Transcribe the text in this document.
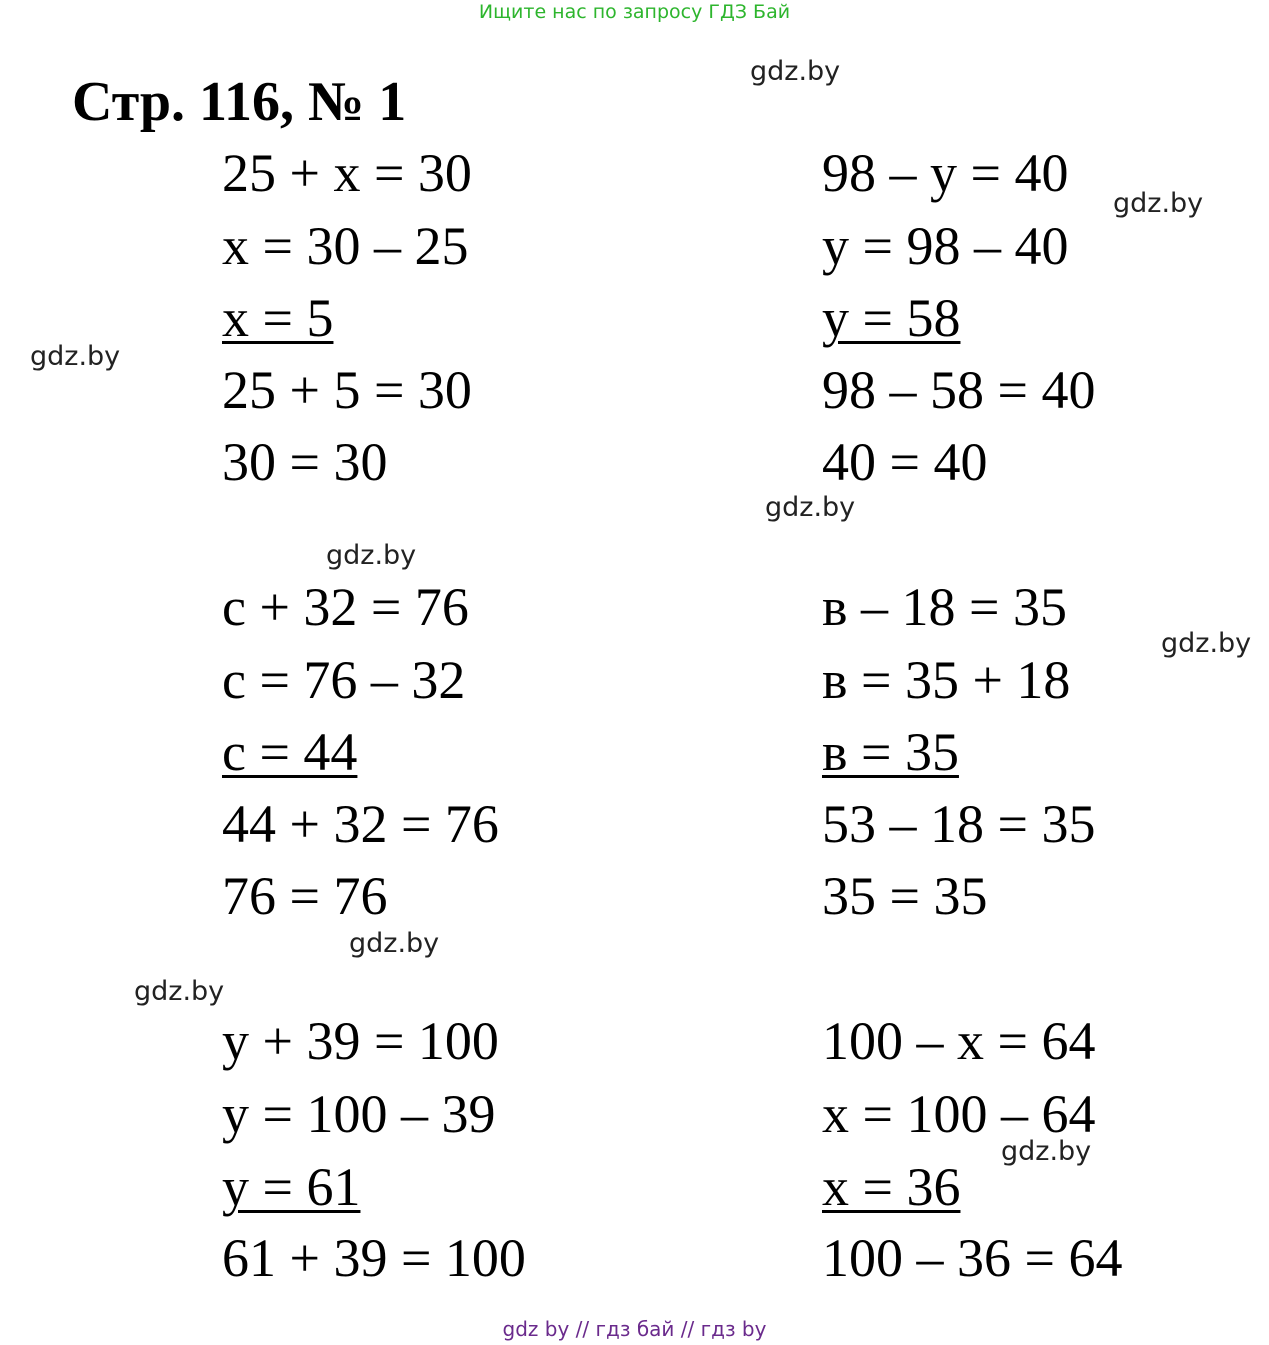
Ищите нас по запросу ГДЗ Бай
Стр. 116, № 1
25 + x = 30
x = 30 – 25
x = 5
25 + 5 = 30
30 = 30
98 – y = 40
y = 98 – 40
y = 58
98 – 58 = 40
40 = 40
c + 32 = 76
c = 76 – 32
c = 44
44 + 32 = 76
76 = 76
в – 18 = 35
в = 35 + 18
в = 35
53 – 18 = 35
35 = 35
y + 39 = 100
y = 100 – 39
y = 61
61 + 39 = 100
100 – x = 64
x = 100 – 64
x = 36
100 – 36 = 64
gdz.by
gdz.by
gdz.by
gdz.by
gdz.by
gdz.by
gdz.by
gdz.by
gdz.by
gdz by // гдз бай // гдз by
